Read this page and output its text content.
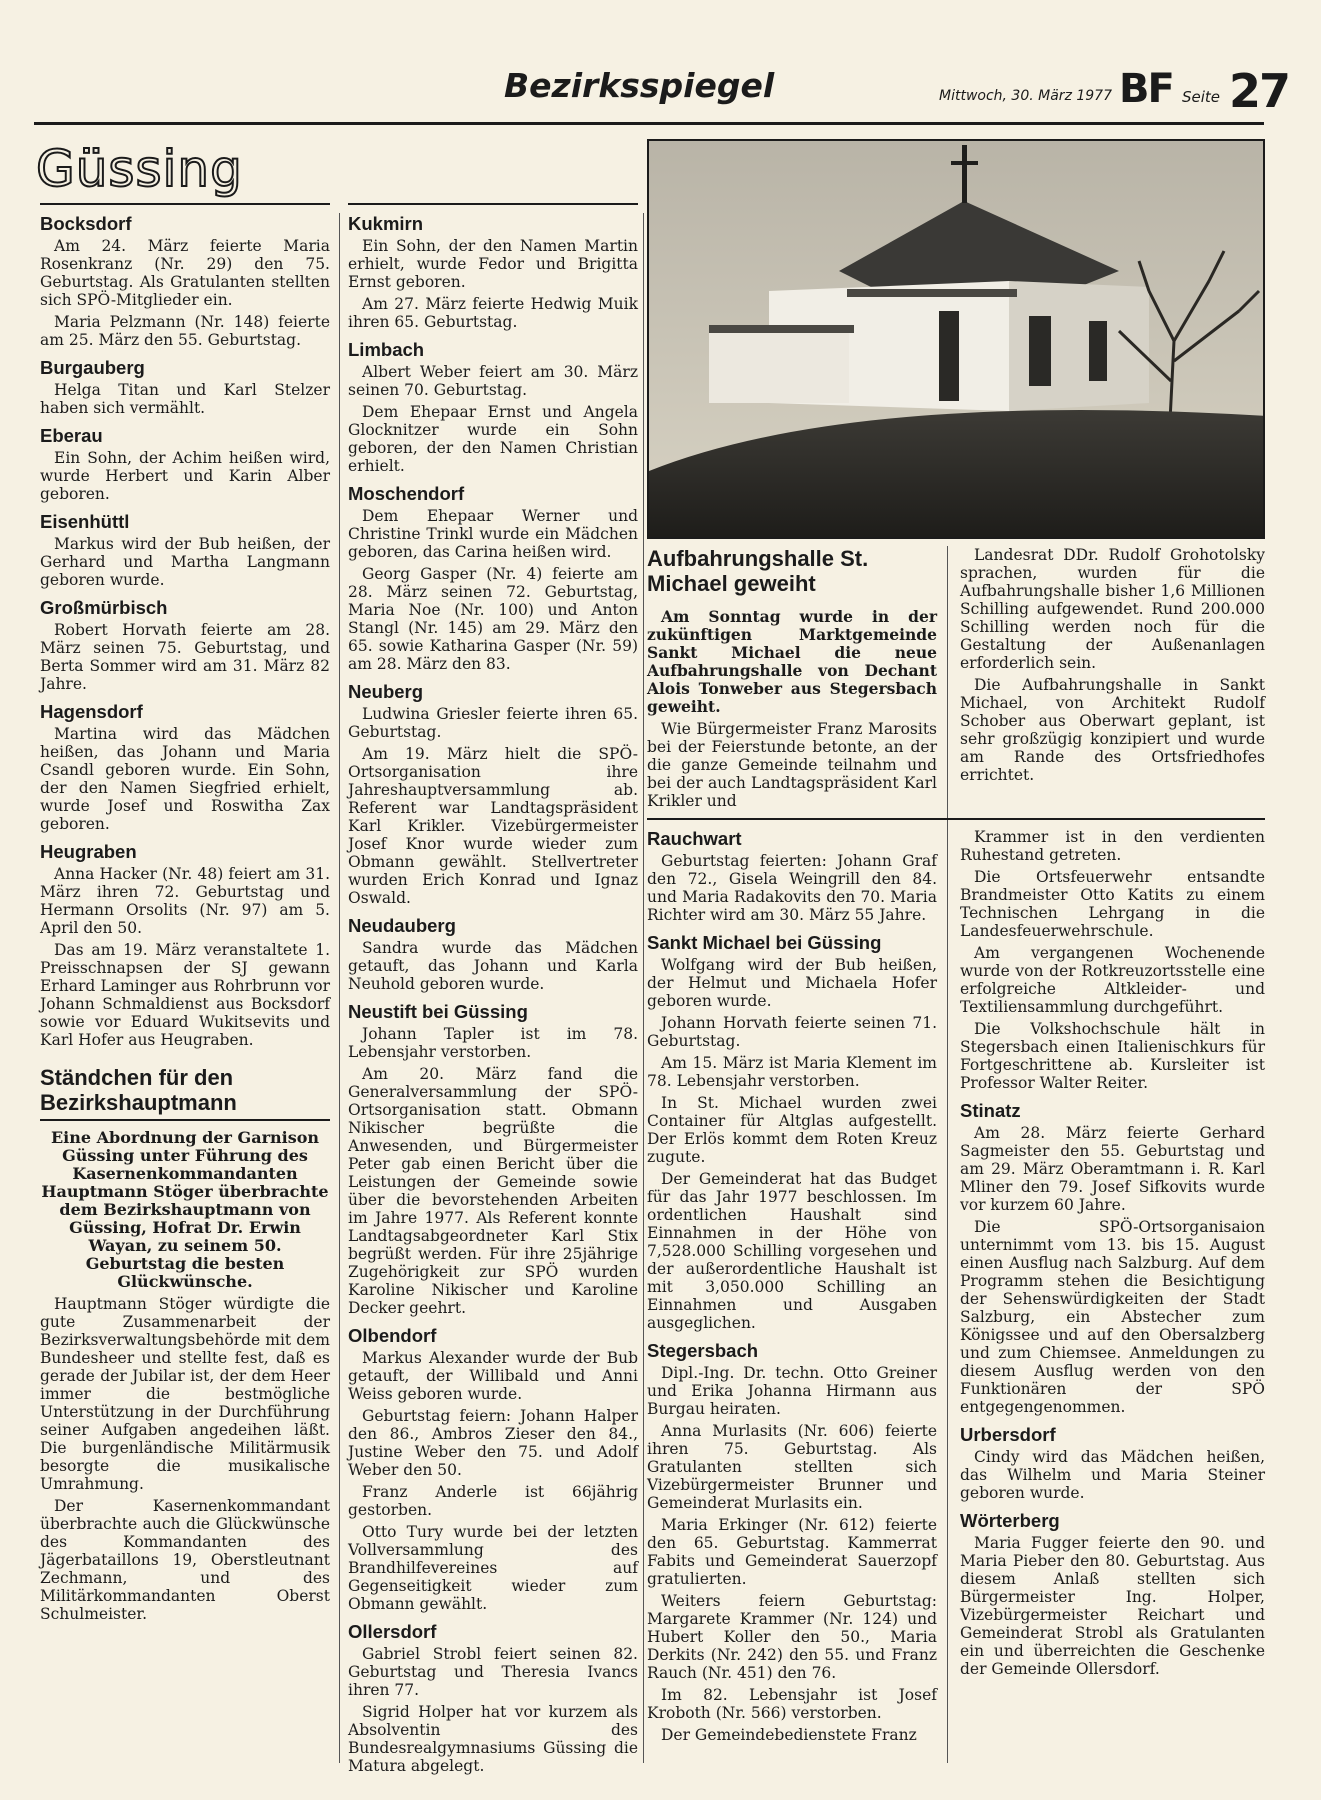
Bezirksspiegel	Mittwoch, 30. März 1977 BF Seite 27
Güssing
Bocksdorf

Am 24. März feierte Maria Rosenkranz (Nr. 29) den 75. Geburtstag. Als Gratulanten stellten sich SPÖ-Mitglieder ein.

Maria Pelzmann (Nr. 148) feierte am 25. März den 55. Geburtstag.

Burgauberg

Helga Titan und Karl Stelzer haben sich vermählt.

Eberau

Ein Sohn, der Achim heißen wird, wurde Herbert und Karin Alber geboren.

Eisenhüttl

Markus wird der Bub heißen, der Gerhard und Martha Langmann geboren wurde.

Großmürbisch

Robert Horvath feierte am 28. März seinen 75. Geburtstag, und Berta Sommer wird am 31. März 82 Jahre.

Hagensdorf

Martina wird das Mädchen heißen, das Johann und Maria Csandl geboren wurde. Ein Sohn, der den Namen Siegfried erhielt, wurde Josef und Roswitha Zax geboren.

Heugraben

Anna Hacker (Nr. 48) feiert am 31. März ihren 72. Geburtstag und Hermann Orsolits (Nr. 97) am 5. April den 50.

Das am 19. März veranstaltete 1. Preisschnapsen der SJ gewann Erhard Laminger aus Rohrbrunn vor Johann Schmaldienst aus Bocksdorf sowie vor Eduard Wukitsevits und Karl Hofer aus Heugraben.

Ständchen für den Bezirkshauptmann

Eine Abordnung der Garnison Güssing unter Führung des Kasernenkommandanten Hauptmann Stöger überbrachte dem Bezirkshauptmann von Güssing, Hofrat Dr. Erwin Wayan, zu seinem 50. Geburtstag die besten Glückwünsche.

Hauptmann Stöger würdigte die gute Zusammenarbeit der Bezirksverwaltungsbehörde mit dem Bundesheer und stellte fest, daß es gerade der Jubilar ist, der dem Heer immer die bestmögliche Unterstützung in der Durchführung seiner Aufgaben angedeihen läßt. Die burgenländische Militärmusik besorgte die musikalische Umrahmung.

Der Kasernenkommandant überbrachte auch die Glückwünsche des Kommandanten des Jägerbataillons 19, Oberstleutnant Zechmann, und des Militärkommandanten Oberst Schulmeister.

Kukmirn

Ein Sohn, der den Namen Martin erhielt, wurde Fedor und Brigitta Ernst geboren.

Am 27. März feierte Hedwig Muik ihren 65. Geburtstag.

Limbach

Albert Weber feiert am 30. März seinen 70. Geburtstag.

Dem Ehepaar Ernst und Angela Glocknitzer wurde ein Sohn geboren, der den Namen Christian erhielt.

Moschendorf

Dem Ehepaar Werner und Christine Trinkl wurde ein Mädchen geboren, das Carina heißen wird.

Georg Gasper (Nr. 4) feierte am 28. März seinen 72. Geburtstag, Maria Noe (Nr. 100) und Anton Stangl (Nr. 145) am 29. März den 65. sowie Katharina Gasper (Nr. 59) am 28. März den 83.

Neuberg

Ludwina Griesler feierte ihren 65. Geburtstag.

Am 19. März hielt die SPÖ-Ortsorganisation ihre Jahreshauptversammlung ab. Referent war Landtagspräsident Karl Krikler. Vizebürgermeister Josef Knor wurde wieder zum Obmann gewählt. Stellvertreter wurden Erich Konrad und Ignaz Oswald.

Neudauberg

Sandra wurde das Mädchen getauft, das Johann und Karla Neuhold geboren wurde.

Neustift bei Güssing

Johann Tapler ist im 78. Lebensjahr verstorben.

Am 20. März fand die Generalversammlung der SPÖ-Ortsorganisation statt. Obmann Nikischer begrüßte die Anwesenden, und Bürgermeister Peter gab einen Bericht über die Leistungen der Gemeinde sowie über die bevorstehenden Arbeiten im Jahre 1977. Als Referent konnte Landtagsabgeordneter Karl Stix begrüßt werden. Für ihre 25jährige Zugehörigkeit zur SPÖ wurden Karoline Nikischer und Karoline Decker geehrt.

Olbendorf

Markus Alexander wurde der Bub getauft, der Willibald und Anni Weiss geboren wurde.

Geburtstag feiern: Johann Halper den 86., Ambros Zieser den 84., Justine Weber den 75. und Adolf Weber den 50.

Franz Anderle ist 66jährig gestorben.

Otto Tury wurde bei der letzten Vollversammlung des Brandhilfevereines auf Gegenseitigkeit wieder zum Obmann gewählt.

Ollersdorf

Gabriel Strobl feiert seinen 82. Geburtstag und Theresia Ivancs ihren 77.

Sigrid Holper hat vor kurzem als Absolventin des Bundesrealgymnasiums Güssing die Matura abgelegt.

Aufbahrungshalle St. Michael geweiht

Am Sonntag wurde in der zukünftigen Marktgemeinde Sankt Michael die neue Aufbahrungshalle von Dechant Alois Tonweber aus Stegersbach geweiht.

Wie Bürgermeister Franz Marosits bei der Feierstunde betonte, an der die ganze Gemeinde teilnahm und bei der auch Landtagspräsident Karl Krikler und

Landesrat DDr. Rudolf Grohotolsky sprachen, wurden für die Aufbahrungshalle bisher 1,6 Millionen Schilling aufgewendet. Rund 200.000 Schilling werden noch für die Gestaltung der Außenanlagen erforderlich sein.

Die Aufbahrungshalle in Sankt Michael, von Architekt Rudolf Schober aus Oberwart geplant, ist sehr großzügig konzipiert und wurde am Rande des Ortsfriedhofes errichtet.

Rauchwart

Geburtstag feierten: Johann Graf den 72., Gisela Weingrill den 84. und Maria Radakovits den 70. Maria Richter wird am 30. März 55 Jahre.

Sankt Michael bei Güssing

Wolfgang wird der Bub heißen, der Helmut und Michaela Hofer geboren wurde.

Johann Horvath feierte seinen 71. Geburtstag.

Am 15. März ist Maria Klement im 78. Lebensjahr verstorben.

In St. Michael wurden zwei Container für Altglas aufgestellt. Der Erlös kommt dem Roten Kreuz zugute.

Der Gemeinderat hat das Budget für das Jahr 1977 beschlossen. Im ordentlichen Haushalt sind Einnahmen in der Höhe von 7,528.000 Schilling vorgesehen und der außerordentliche Haushalt ist mit 3,050.000 Schilling an Einnahmen und Ausgaben ausgeglichen.

Stegersbach

Dipl.-Ing. Dr. techn. Otto Greiner und Erika Johanna Hirmann aus Burgau heiraten.

Anna Murlasits (Nr. 606) feierte ihren 75. Geburtstag. Als Gratulanten stellten sich Vizebürgermeister Brunner und Gemeinderat Murlasits ein.

Maria Erkinger (Nr. 612) feierte den 65. Geburtstag. Kammerrat Fabits und Gemeinderat Sauerzopf gratulierten.

Weiters feiern Geburtstag: Margarete Krammer (Nr. 124) und Hubert Koller den 50., Maria Derkits (Nr. 242) den 55. und Franz Rauch (Nr. 451) den 76.

Im 82. Lebensjahr ist Josef Kroboth (Nr. 566) verstorben.

Der Gemeindebedienstete Franz

Krammer ist in den verdienten Ruhestand getreten.

Die Ortsfeuerwehr entsandte Brandmeister Otto Katits zu einem Technischen Lehrgang in die Landesfeuerwehrschule.

Am vergangenen Wochenende wurde von der Rotkreuzortsstelle eine erfolgreiche Altkleider- und Textiliensammlung durchgeführt.

Die Volkshochschule hält in Stegersbach einen Italienischkurs für Fortgeschrittene ab. Kursleiter ist Professor Walter Reiter.

Stinatz

Am 28. März feierte Gerhard Sagmeister den 55. Geburtstag und am 29. März Oberamtmann i. R. Karl Mliner den 79. Josef Sifkovits wurde vor kurzem 60 Jahre.

Die SPÖ-Ortsorganisaion unternimmt vom 13. bis 15. August einen Ausflug nach Salzburg. Auf dem Programm stehen die Besichtigung der Sehenswürdigkeiten der Stadt Salzburg, ein Abstecher zum Königssee und auf den Obersalzberg und zum Chiemsee. Anmeldungen zu diesem Ausflug werden von den Funktionären der SPÖ entgegengenommen.

Urbersdorf

Cindy wird das Mädchen heißen, das Wilhelm und Maria Steiner geboren wurde.

Wörterberg

Maria Fugger feierte den 90. und Maria Pieber den 80. Geburtstag. Aus diesem Anlaß stellten sich Bürgermeister Ing. Holper, Vizebürgermeister Reichart und Gemeinderat Strobl als Gratulanten ein und überreichten die Geschenke der Gemeinde Ollersdorf.
